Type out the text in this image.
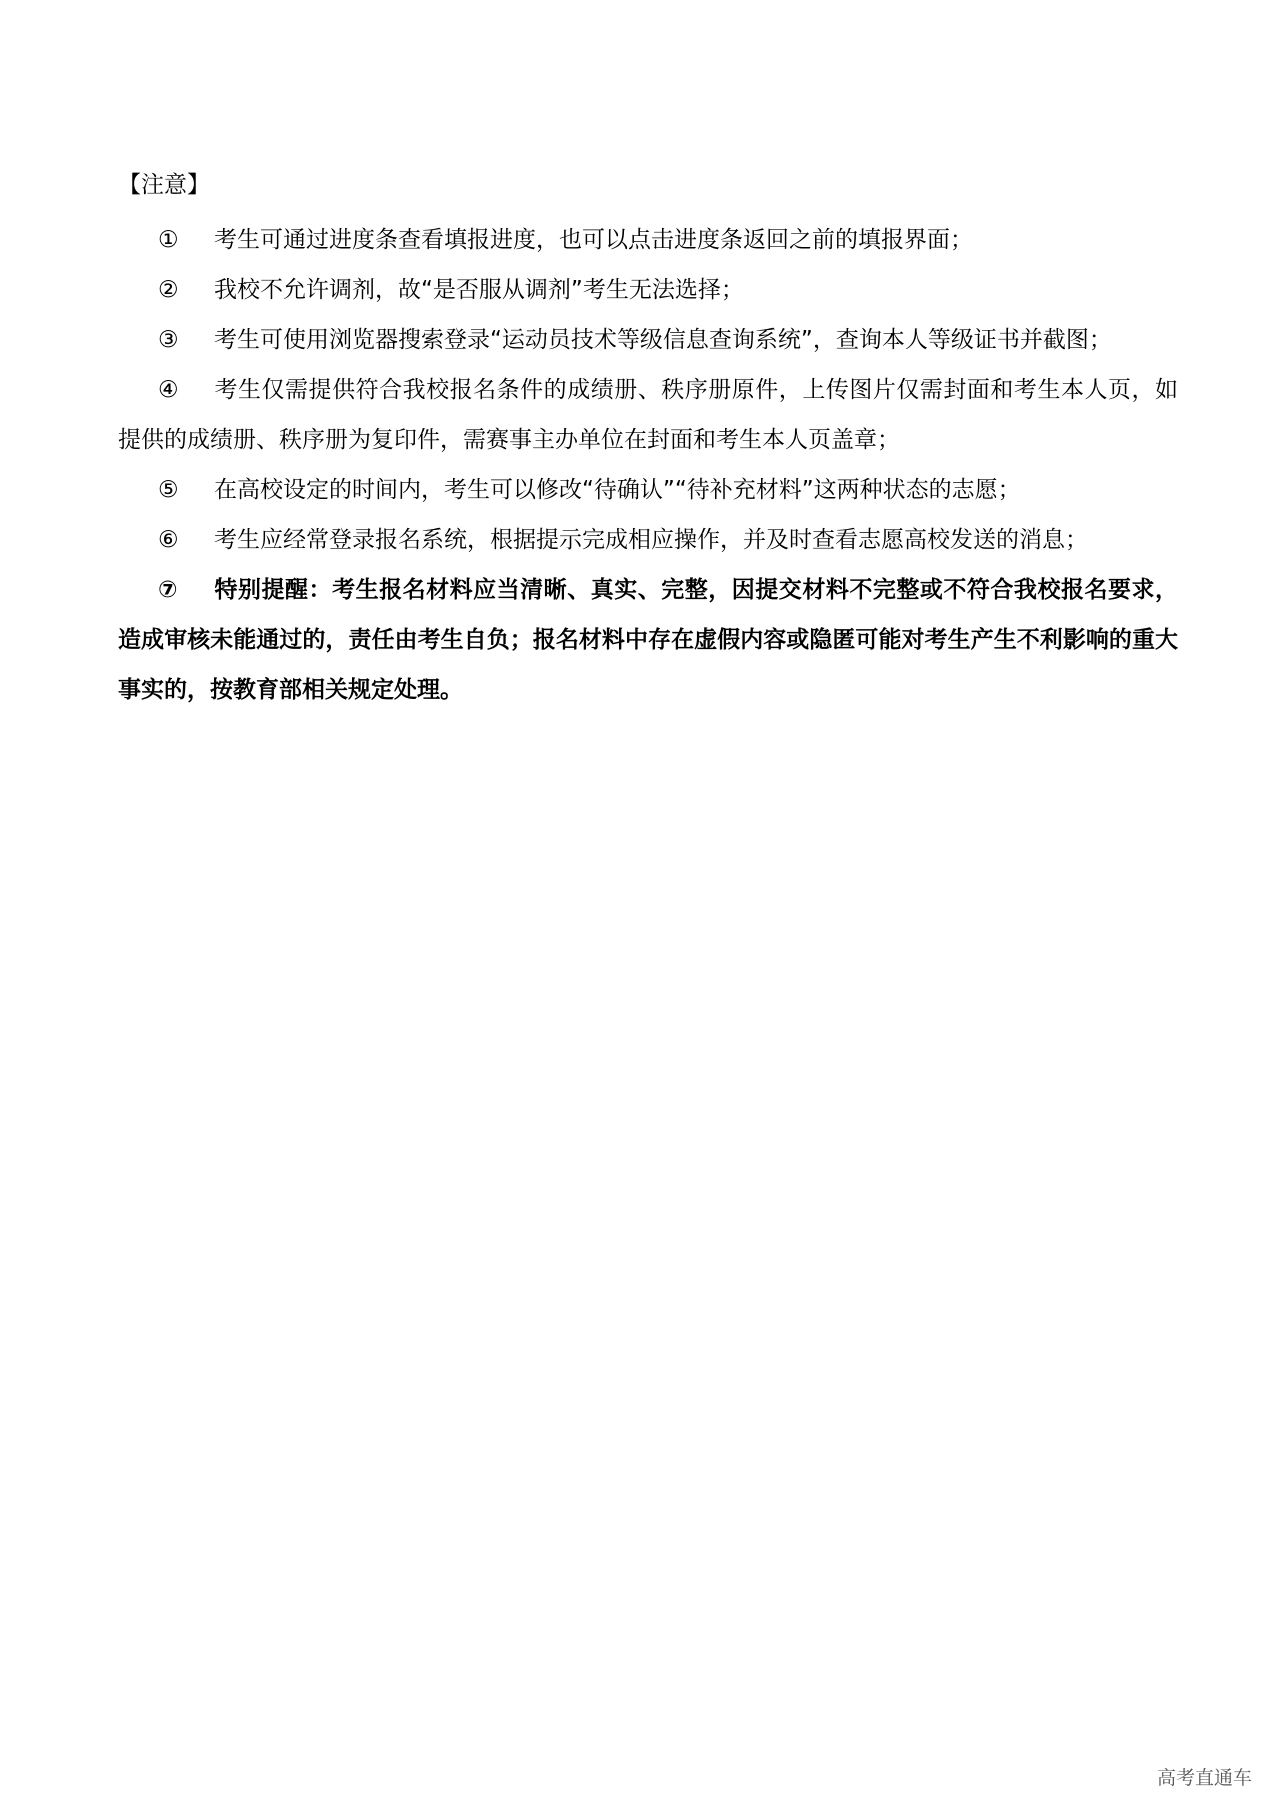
【注意】
① 考生可通过进度条查看填报进度，也可以点击进度条返回之前的填报界面；
② 我校不允许调剂，故“是否服从调剂”考生无法选择；
③ 考生可使用浏览器搜索登录“运动员技术等级信息查询系统”，查询本人等级证书并截图；
④ 考生仅需提供符合我校报名条件的成绩册、秩序册原件，上传图片仅需封面和考生本人页，如提供的成绩册、秩序册为复印件，需赛事主办单位在封面和考生本人页盖章；
⑤ 在高校设定的时间内，考生可以修改“待确认”“待补充材料”这两种状态的志愿；
⑥ 考生应经常登录报名系统，根据提示完成相应操作，并及时查看志愿高校发送的消息；
⑦ 特别提醒：考生报名材料应当清晰、真实、完整，因提交材料不完整或不符合我校报名要求，造成审核未能通过的，责任由考生自负；报名材料中存在虚假内容或隐匿可能对考生产生不利影响的重大事实的，按教育部相关规定处理。
高考直通车
